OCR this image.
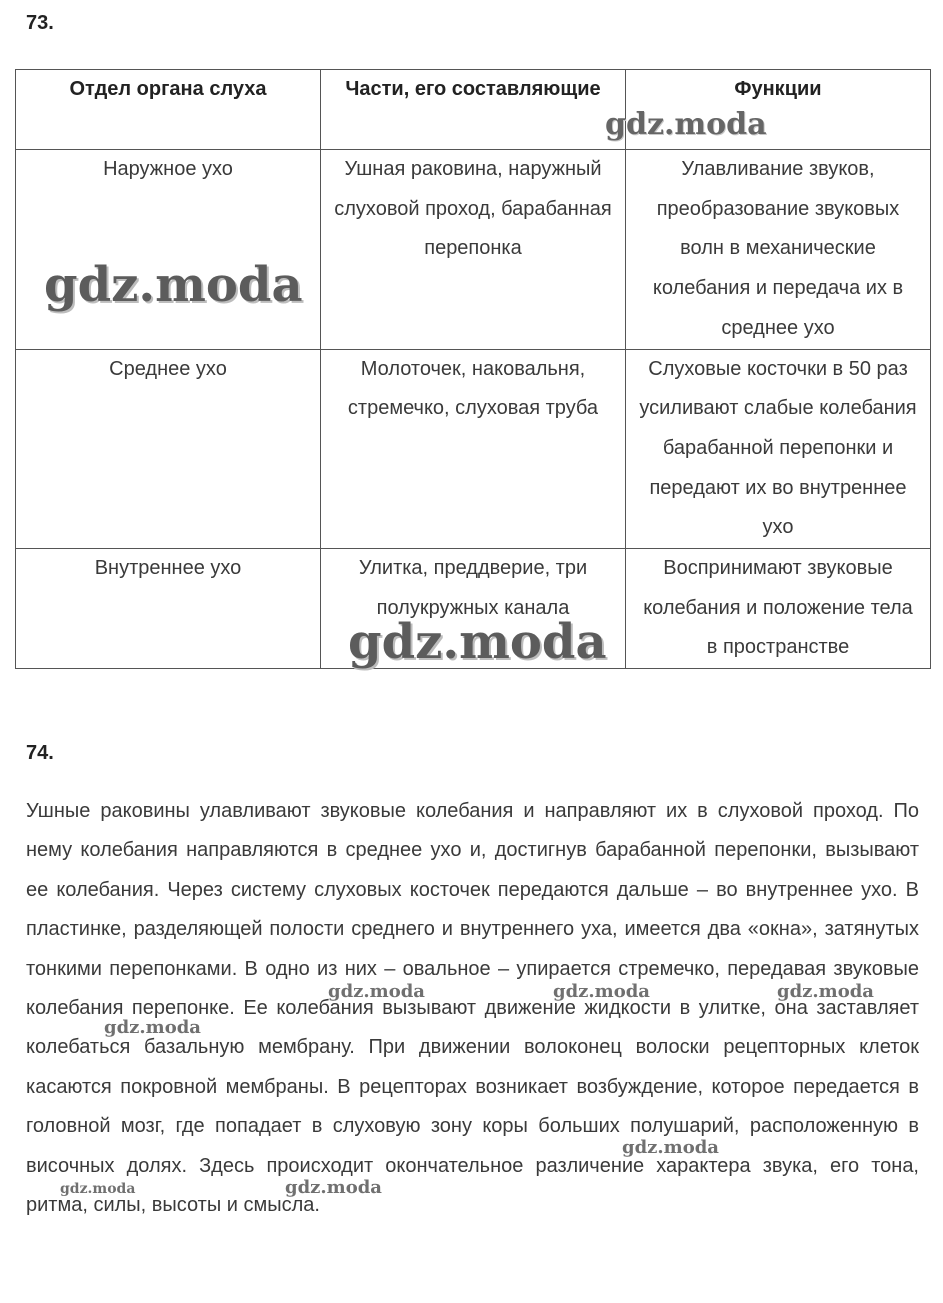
73.
Отдел органа слуха	Части, его составляющие	Функции
Наружное ухо	Ушная раковина, наружный слуховой проход, барабанная перепонка	Улавливание звуков, преобразование звуковых волн в механические колебания и передача их в среднее ухо
Среднее ухо	Молоточек, наковальня, стремечко, слуховая труба	Слуховые косточки в 50 раз усиливают слабые колебания барабанной перепонки и передают их во внутреннее ухо
Внутреннее ухо	Улитка, преддверие, три полукружных канала	Воспринимают звуковые колебания и положение тела в пространстве
74.

Ушные раковины улавливают звуковые колебания и направляют их в слуховой проход. По нему колебания направляются в среднее ухо и, достигнув барабанной перепонки, вызывают ее колебания. Через систему слуховых косточек передаются дальше – во внутреннее ухо. В пластинке, разделяющей полости среднего и внутреннего уха, имеется два «окна», затянутых тонкими перепонками. В одно из них – овальное – упирается стремечко, передавая звуковые колебания перепонке. Ее колебания вызывают движение жидкости в улитке, она заставляет колебаться базальную мембрану. При движении волоконец волоски рецепторных клеток касаются покровной мембраны. В рецепторах возникает возбуждение, которое передается в головной мозг, где попадает в слуховую зону коры больших полушарий, расположенную в височных долях. Здесь происходит окончательное различение характера звука, его тона, ритма, силы, высоты и смысла.

gdz.moda
gdz.moda
gdz.moda
gdz.moda	gdz.moda	gdz.moda
gdz.moda
gdz.moda
gdz.moda	gdz.moda
